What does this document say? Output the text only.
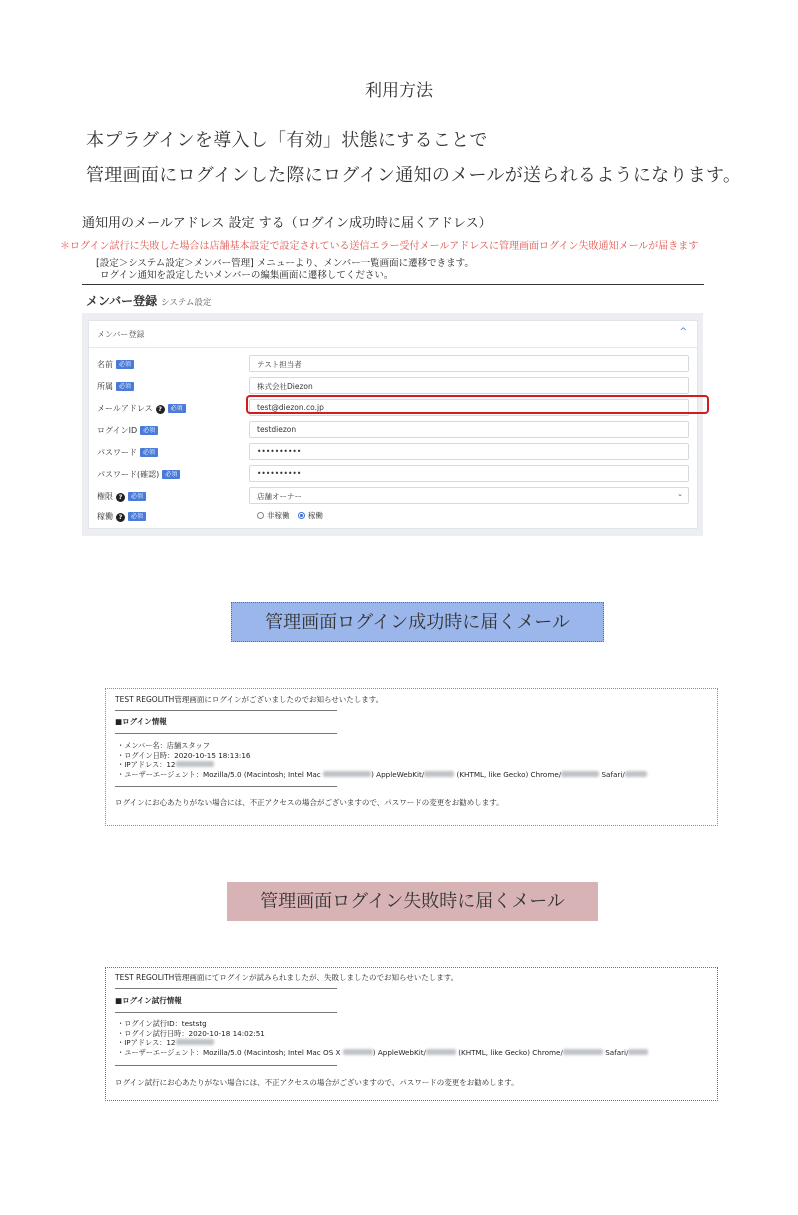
利用方法
本プラグインを導入し「有効」状態にすることで
管理画面にログインした際にログイン通知のメールが送られるようになります。
通知用のメールアドレス 設定 する（ログイン成功時に届くアドレス）
＊ログイン試行に失敗した場合は店舗基本設定で設定されている送信エラー受付メールアドレスに管理画面ログイン失敗通知メールが届きます
[設定＞システム設定＞メンバー管理] メニューより、メンバー一覧画面に遷移できます。
ログイン通知を設定したいメンバーの編集画面に遷移してください。
メンバー登録 システム設定
メンバー登録	^
名前 必須	テスト担当者
所属 必須	株式会社Diezon
メールアドレス ? 必須	test@diezon.co.jp
ログインID 必須	testdiezon
パスワード 必須	••••••••••
パスワード(確認) 必須	••••••••••
権限 ? 必須	店舗オーナー	⌄
稼働 ? 必須	非稼働 稼働
管理画面ログイン成功時に届くメール
TEST REGOLITH管理画面にログインがございましたのでお知らせいたします。
■ログイン情報
・メンバー名：店舗スタッフ
・ログイン日時：2020-10-15 18:13:16
・IPアドレス：12
・ユーザーエージェント：Mozilla/5.0 (Macintosh; Intel Mac	) AppleWebKit/	(KHTML, like Gecko) Chrome/	Safari/
ログインにお心あたりがない場合には、不正アクセスの場合がございますので、パスワードの変更をお勧めします。
管理画面ログイン失敗時に届くメール
TEST REGOLITH管理画面にてログインが試みられましたが、失敗しましたのでお知らせいたします。
■ログイン試行情報
・ログイン試行ID：teststg
・ログイン試行日時：2020-10-18 14:02:51
・IPアドレス：12
・ユーザーエージェント：Mozilla/5.0 (Macintosh; Intel Mac OS X	) AppleWebKit/	(KHTML, like Gecko) Chrome/	Safari/
ログイン試行にお心あたりがない場合には、不正アクセスの場合がございますので、パスワードの変更をお勧めします。
